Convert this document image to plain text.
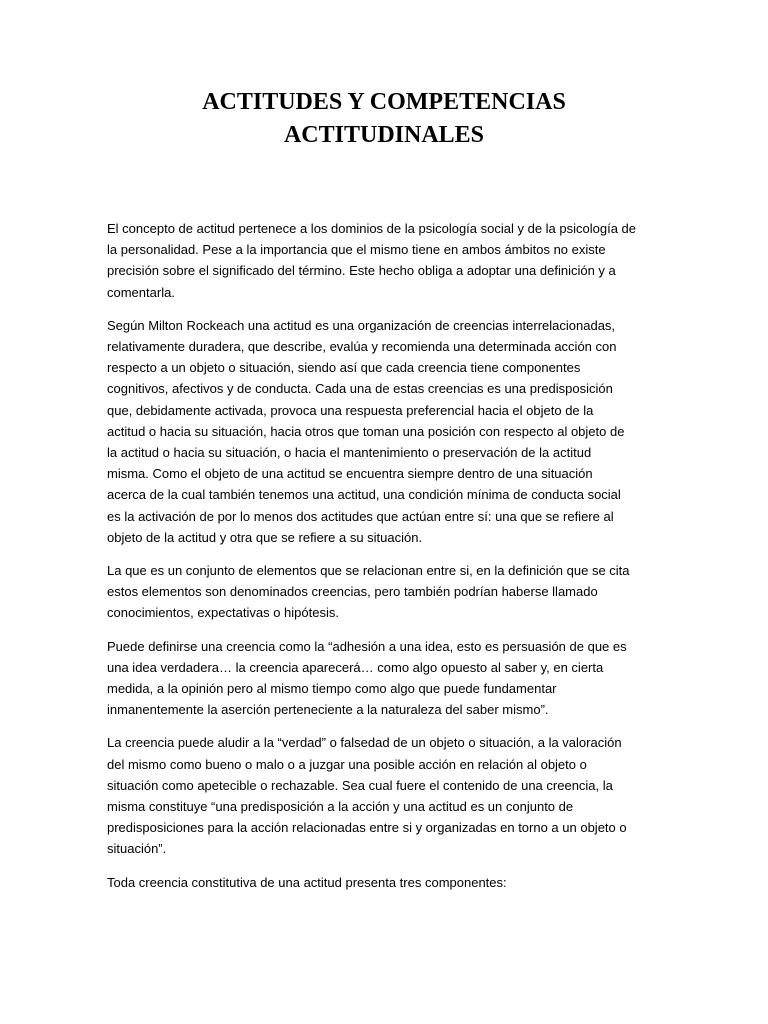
ACTITUDES Y COMPETENCIAS
ACTITUDINALES

El concepto de actitud pertenece a los dominios de la psicología social y de la psicología de
la personalidad. Pese a la importancia que el mismo tiene en ambos ámbitos no existe
precisión sobre el significado del término. Este hecho obliga a adoptar una definición y a
comentarla.

Según Milton Rockeach una actitud es una organización de creencias interrelacionadas,
relativamente duradera, que describe, evalúa y recomienda una determinada acción con
respecto a un objeto o situación, siendo así que cada creencia tiene componentes
cognitivos, afectivos y de conducta. Cada una de estas creencias es una predisposición
que, debidamente activada, provoca una respuesta preferencial hacia el objeto de la
actitud o hacia su situación, hacia otros que toman una posición con respecto al objeto de
la actitud o hacia su situación, o hacia el mantenimiento o preservación de la actitud
misma. Como el objeto de una actitud se encuentra siempre dentro de una situación
acerca de la cual también tenemos una actitud, una condición mínima de conducta social
es la activación de por lo menos dos actitudes que actúan entre sí: una que se refiere al
objeto de la actitud y otra que se refiere a su situación.

La que es un conjunto de elementos que se relacionan entre si, en la definición que se cita
estos elementos son denominados creencias, pero también podrían haberse llamado
conocimientos, expectativas o hipótesis.

Puede definirse una creencia como la “adhesión a una idea, esto es persuasión de que es
una idea verdadera… la creencia aparecerá… como algo opuesto al saber y, en cierta
medida, a la opinión pero al mismo tiempo como algo que puede fundamentar
inmanentemente la aserción perteneciente a la naturaleza del saber mismo”.

La creencia puede aludir a la “verdad” o falsedad de un objeto o situación, a la valoración
del mismo como bueno o malo o a juzgar una posible acción en relación al objeto o
situación como apetecible o rechazable. Sea cual fuere el contenido de una creencia, la
misma constituye “una predisposición a la acción y una actitud es un conjunto de
predisposiciones para la acción relacionadas entre si y organizadas en torno a un objeto o
situación”.

Toda creencia constitutiva de una actitud presenta tres componentes:
